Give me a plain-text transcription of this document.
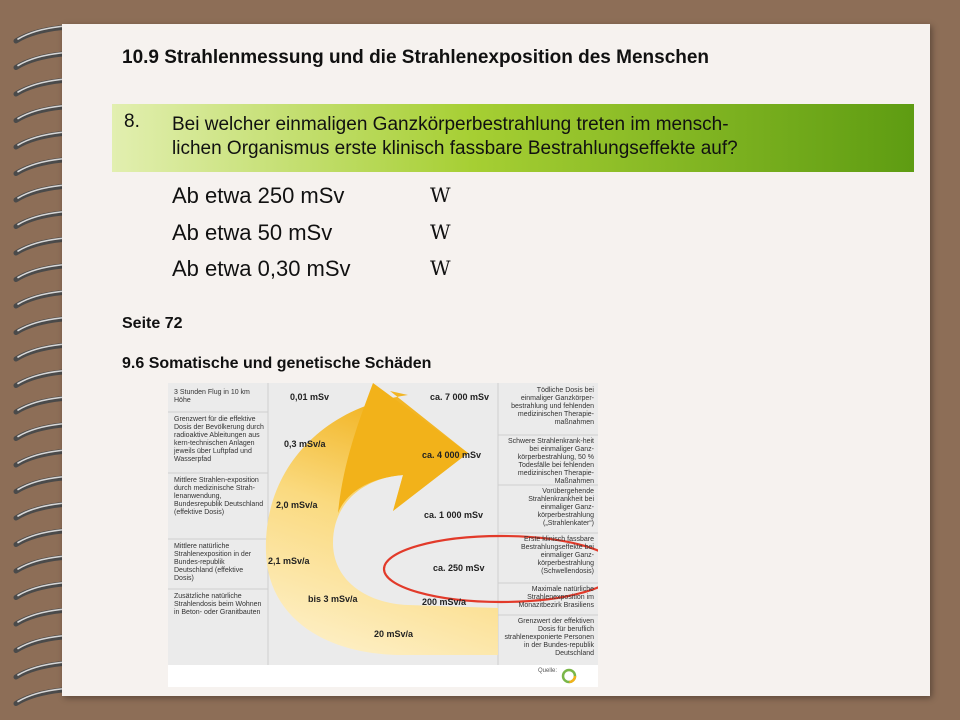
10.9 Strahlenmessung und die Strahlenexposition des Menschen
8. Bei welcher einmaligen Ganzkörperbestrahlung treten im mensch-
lichen Organismus erste klinisch fassbare Bestrahlungseffekte auf?
Ab etwa 250 mSv	W
Ab etwa 50 mSv	W
Ab etwa 0,30 mSv	W
Seite 72
9.6 Somatische und genetische Schäden
3 Stunden Flug in 10 km Höhe
Grenzwert für die effektive Dosis der Bevölkerung durch radioaktive Ableitungen aus kern-technischen Anlagen jeweils über Luftpfad und Wasserpfad
Mittlere Strahlen-exposition durch medizinische Strah-lenanwendung, Bundesrepublik Deutschland (effektive Dosis)
Mittlere natürliche Strahlenexposition in der Bundes-republik Deutschland (effektive Dosis)
Zusätzliche natürliche Strahlendosis beim Wohnen in Beton- oder Granitbauten
0,01 mSv
0,3 mSv/a
2,0 mSv/a
2,1 mSv/a
bis 3 mSv/a
ca. 7 000 mSv
ca. 4 000 mSv
ca. 1 000 mSv
ca. 250 mSv
200 mSv/a
20 mSv/a
Tödliche Dosis bei einmaliger Ganzkörper-bestrahlung und fehlenden medizinischen Therapie-maßnahmen
Schwere Strahlenkrank-heit bei einmaliger Ganz-körperbestrahlung, 50 % Todesfälle bei fehlenden medizinischen Therapie-Maßnahmen
Vorübergehende Strahlenkrankheit bei einmaliger Ganz-körperbestrahlung („Strahlenkater“)
Erste klinisch fassbare Bestrahlungseffekte bei einmaliger Ganz-körperbestrahlung (Schwellendosis)
Maximale natürliche Strahlenexposition im Monazitbezirk Brasiliens
Grenzwert der effektiven Dosis für beruflich strahlenexponierte Personen in der Bundes-republik Deutschland
Quelle:
